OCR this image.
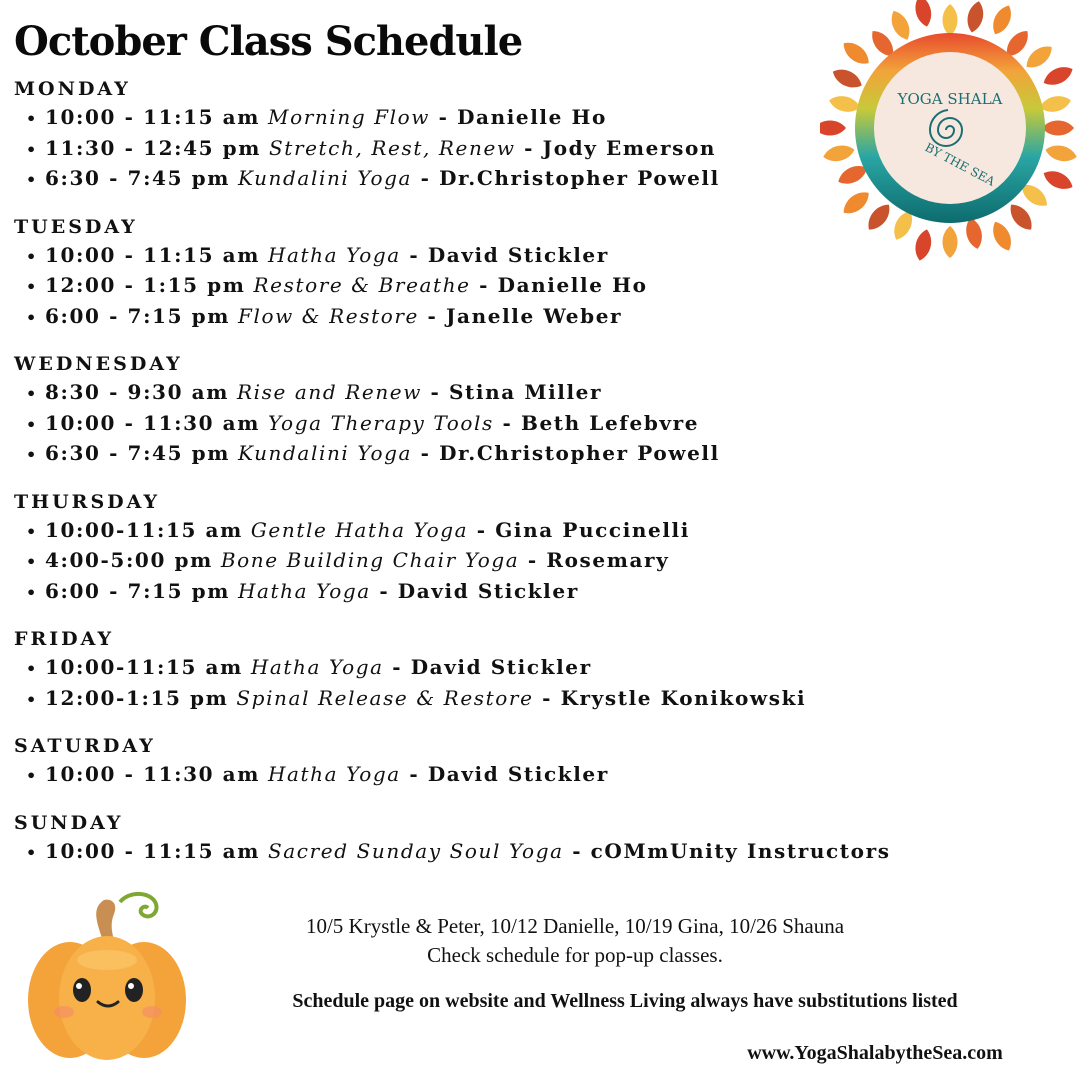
October Class Schedule
MONDAY
• 10:00 - 11:15 am Morning Flow - Danielle Ho
• 11:30 - 12:45 pm Stretch, Rest, Renew - Jody Emerson
• 6:30 - 7:45 pm Kundalini Yoga - Dr.Christopher Powell
TUESDAY
• 10:00 - 11:15 am Hatha Yoga - David Stickler
• 12:00 - 1:15 pm Restore & Breathe - Danielle Ho
• 6:00 - 7:15 pm Flow & Restore - Janelle Weber
WEDNESDAY
• 8:30 - 9:30 am Rise and Renew - Stina Miller
• 10:00 - 11:30 am Yoga Therapy Tools - Beth Lefebvre
• 6:30 - 7:45 pm Kundalini Yoga - Dr.Christopher Powell
THURSDAY
• 10:00-11:15 am Gentle Hatha Yoga - Gina Puccinelli
• 4:00-5:00 pm Bone Building Chair Yoga - Rosemary
• 6:00 - 7:15 pm Hatha Yoga - David Stickler
FRIDAY
• 10:00-11:15 am Hatha Yoga - David Stickler
• 12:00-1:15 pm Spinal Release & Restore - Krystle Konikowski
SATURDAY
• 10:00 - 11:30 am Hatha Yoga - David Stickler
SUNDAY
• 10:00 - 11:15 am Sacred Sunday Soul Yoga - cOMmUnity Instructors
YOGA SHALA
BY THE SEA
10/5 Krystle & Peter, 10/12 Danielle, 10/19 Gina, 10/26 Shauna
Check schedule for pop-up classes.
Schedule page on website and Wellness Living always have substitutions listed
www.YogaShalabytheSea.com
